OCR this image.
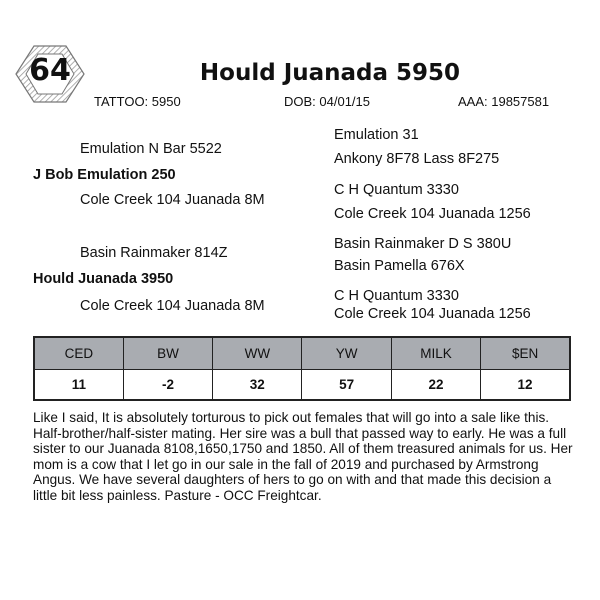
64	Hould Juanada 5950
TATTOO: 5950	DOB: 04/01/15	AAA: 19857581
Emulation N Bar 5522
J Bob Emulation 250
Cole Creek 104 Juanada 8M
Basin Rainmaker 814Z
Hould Juanada 3950
Cole Creek 104 Juanada 8M
Emulation 31
Ankony 8F78 Lass 8F275
C H Quantum 3330
Cole Creek 104 Juanada 1256
Basin Rainmaker D S 380U
Basin Pamella 676X
C H Quantum 3330
Cole Creek 104 Juanada 1256
CED	BW	WW	YW	MILK	$EN
11	-2	32	57	22	12
Like I said, It is absolutely torturous to pick out females that will go into a sale like this. Half-brother/half-sister mating. Her sire was a bull that passed way to early. He was a full sister to our Juanada 8108,1650,1750 and 1850. All of them treasured animals for us. Her mom is a cow that I let go in our sale in the fall of 2019 and purchased by Armstrong Angus. We have several daughters of hers to go on with and that made this decision a little bit less painless. Pasture - OCC Freightcar.
